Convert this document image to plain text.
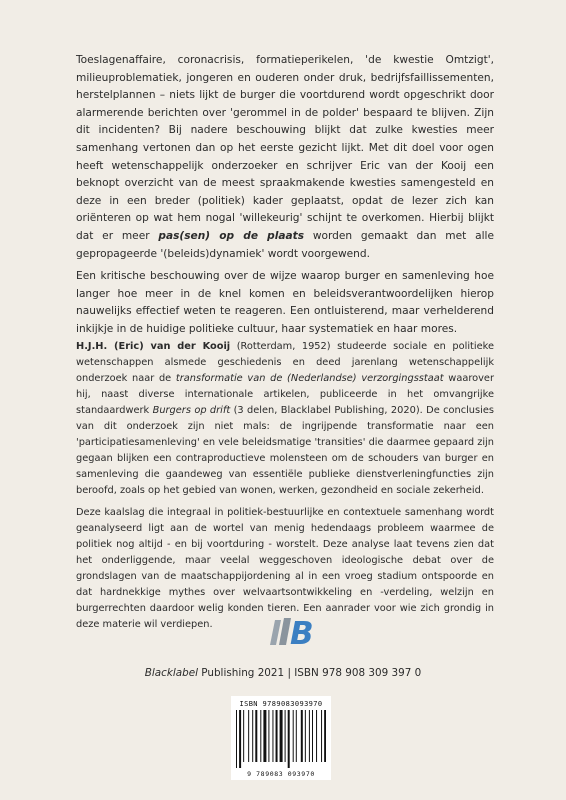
Toeslagenaffaire, coronacrisis, formatieperikelen, 'de kwestie Omtzigt', milieuproblematiek, jongeren en ouderen onder druk, bedrijfsfaillissementen, herstelplannen – niets lijkt de burger die voortdurend wordt opgeschrikt door alarmerende berichten over 'gerommel in de polder' bespaard te blijven. Zijn dit incidenten? Bij nadere beschouwing blijkt dat zulke kwesties meer samenhang vertonen dan op het eerste gezicht lijkt. Met dit doel voor ogen heeft wetenschappelijk onderzoeker en schrijver Eric van der Kooij een beknopt overzicht van de meest spraakmakende kwesties samengesteld en deze in een breder (politiek) kader geplaatst, opdat de lezer zich kan oriënteren op wat hem nogal 'willekeurig' schijnt te overkomen. Hierbij blijkt dat er meer pas(sen) op de plaats worden gemaakt dan met alle gepropageerde '(beleids)dynamiek' wordt voorgewend.

Een kritische beschouwing over de wijze waarop burger en samenleving hoe langer hoe meer in de knel komen en beleidsverantwoordelijken hierop nauwelijks effectief weten te reageren. Een ontluisterend, maar verhelderend inkijkje in de huidige politieke cultuur, haar systematiek en haar mores.

H.J.H. (Eric) van der Kooij (Rotterdam, 1952) studeerde sociale en politieke wetenschappen alsmede geschiedenis en deed jarenlang wetenschappelijk onderzoek naar de transformatie van de (Nederlandse) verzorgingsstaat waarover hij, naast diverse internationale artikelen, publiceerde in het omvangrijke standaardwerk Burgers op drift (3 delen, Blacklabel Publishing, 2020). De conclusies van dit onderzoek zijn niet mals: de ingrijpende transformatie naar een 'participatiesamenleving' en vele beleidsmatige 'transities' die daarmee gepaard zijn gegaan blijken een contraproductieve molensteen om de schouders van burger en samenleving die gaandeweg van essentiële publieke dienstverleningfuncties zijn beroofd, zoals op het gebied van wonen, werken, gezondheid en sociale zekerheid.

Deze kaalslag die integraal in politiek-bestuurlijke en contextuele samenhang wordt geanalyseerd ligt aan de wortel van menig hedendaags probleem waarmee de politiek nog altijd - en bij voortduring - worstelt. Deze analyse laat tevens zien dat het onderliggende, maar veelal weggeschoven ideologische debat over de grondslagen van de maatschappijordening al in een vroeg stadium ontspoorde en dat hardnekkige mythes over welvaartsontwikkeling en -verdeling, welzijn en burgerrechten daardoor welig konden tieren. Een aanrader voor wie zich grondig in deze materie wil verdiepen.	B
Blacklabel Publishing 2021 | ISBN 978 908 309 397 0
ISBN 9789083093970
9 789083 093970
